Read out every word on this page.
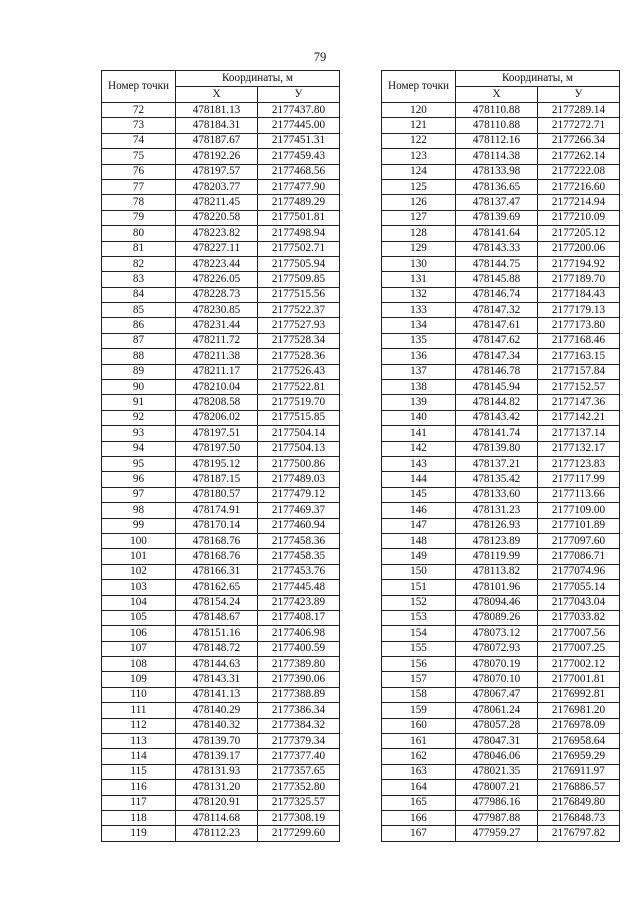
79
Номер точки	Координаты, м	
	X	У
72	478181.13	2177437.80
73	478184.31	2177445.00
74	478187.67	2177451.31
75	478192.26	2177459.43
76	478197.57	2177468.56
77	478203.77	2177477.90
78	478211.45	2177489.29
79	478220.58	2177501.81
80	478223.82	2177498.94
81	478227.11	2177502.71
82	478223.44	2177505.94
83	478226.05	2177509.85
84	478228.73	2177515.56
85	478230.85	2177522.37
86	478231.44	2177527.93
87	478211.72	2177528.34
88	478211.38	2177528.36
89	478211.17	2177526.43
90	478210.04	2177522.81
91	478208.58	2177519.70
92	478206.02	2177515.85
93	478197.51	2177504.14
94	478197.50	2177504.13
95	478195.12	2177500.86
96	478187.15	2177489.03
97	478180.57	2177479.12
98	478174.91	2177469.37
99	478170.14	2177460.94
100	478168.76	2177458.36
101	478168.76	2177458.35
102	478166.31	2177453.76
103	478162.65	2177445.48
104	478154.24	2177423.89
105	478148.67	2177408.17
106	478151.16	2177406.98
107	478148.72	2177400.59
108	478144.63	2177389.80
109	478143.31	2177390.06
110	478141.13	2177388.89
111	478140.29	2177386.34
112	478140.32	2177384.32
113	478139.70	2177379.34
114	478139.17	2177377.40
115	478131.93	2177357.65
116	478131.20	2177352.80
117	478120.91	2177325.57
118	478114.68	2177308.19
119	478112.23	2177299.60
Номер точки	Координаты, м	
	X	У
120	478110.88	2177289.14
121	478110.88	2177272.71
122	478112.16	2177266.34
123	478114.38	2177262.14
124	478133.98	2177222.08
125	478136.65	2177216.60
126	478137.47	2177214.94
127	478139.69	2177210.09
128	478141.64	2177205.12
129	478143.33	2177200.06
130	478144.75	2177194.92
131	478145.88	2177189.70
132	478146.74	2177184.43
133	478147.32	2177179.13
134	478147.61	2177173.80
135	478147.62	2177168.46
136	478147.34	2177163.15
137	478146.78	2177157.84
138	478145.94	2177152.57
139	478144.82	2177147.36
140	478143.42	2177142.21
141	478141.74	2177137.14
142	478139.80	2177132.17
143	478137.21	2177123.83
144	478135.42	2177117.99
145	478133.60	2177113.66
146	478131.23	2177109.00
147	478126.93	2177101.89
148	478123.89	2177097.60
149	478119.99	2177086.71
150	478113.82	2177074.96
151	478101.96	2177055.14
152	478094.46	2177043.04
153	478089.26	2177033.82
154	478073.12	2177007.56
155	478072.93	2177007.25
156	478070.19	2177002.12
157	478070.10	2177001.81
158	478067.47	2176992.81
159	478061.24	2176981.20
160	478057.28	2176978.09
161	478047.31	2176958.64
162	478046.06	2176959.29
163	478021.35	2176911.97
164	478007.21	2176886.57
165	477986.16	2176849.80
166	477987.88	2176848.73
167	477959.27	2176797.82
